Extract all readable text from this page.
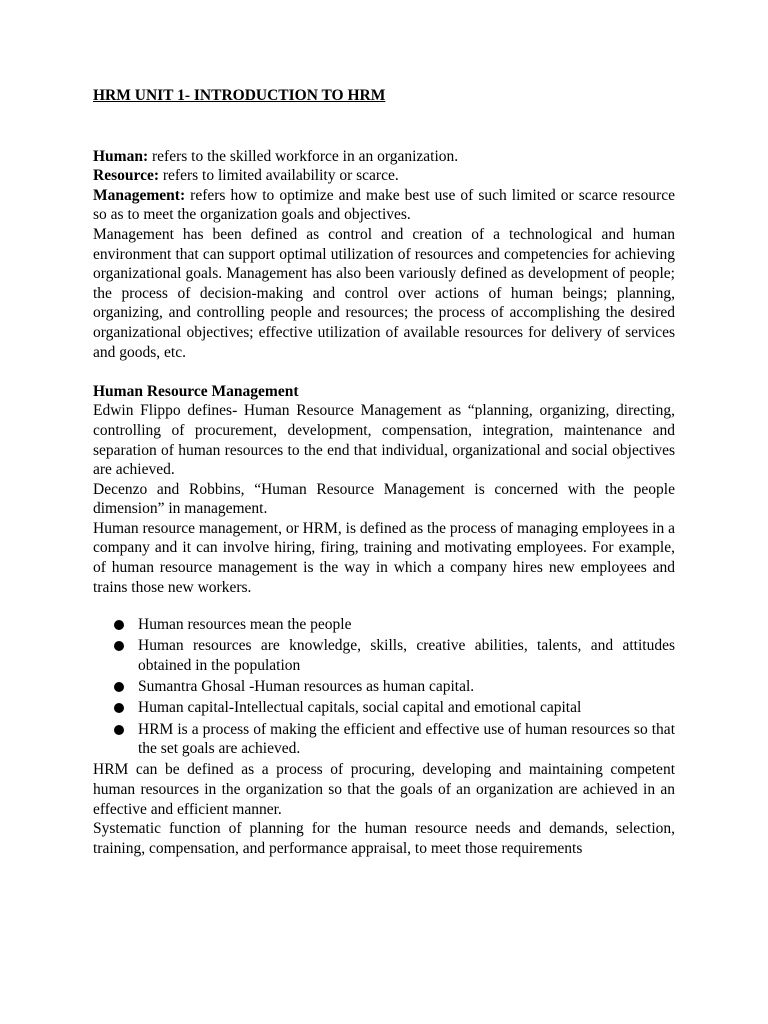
HRM UNIT 1- INTRODUCTION TO HRM

Human: refers to the skilled workforce in an organization.

Resource: refers to limited availability or scarce.

Management: refers how to optimize and make best use of such limited or scarce resource so as to meet the organization goals and objectives.

Management has been defined as control and creation of a technological and human environment that can support optimal utilization of resources and competencies for achieving organizational goals. Management has also been variously defined as development of people; the process of decision-making and control over actions of human beings; planning, organizing, and controlling people and resources; the process of accomplishing the desired organizational objectives; effective utilization of available resources for delivery of services and goods, etc.

Human Resource Management

Edwin Flippo defines- Human Resource Management as “planning, organizing, directing, controlling of procurement, development, compensation, integration, maintenance and separation of human resources to the end that individual, organizational and social objectives are achieved.

Decenzo and Robbins, “Human Resource Management is concerned with the people dimension” in management.

Human resource management, or HRM, is defined as the process of managing employees in a company and it can involve hiring, firing, training and motivating employees. For example, of human resource management is the way in which a company hires new employees and trains those new workers.

Human resources mean the people
Human resources are knowledge, skills, creative abilities, talents, and attitudes obtained in the population
Sumantra Ghosal -Human resources as human capital.
Human capital-Intellectual capitals, social capital and emotional capital
HRM is a process of making the efficient and effective use of human resources so that the set goals are achieved.

HRM can be defined as a process of procuring, developing and maintaining competent human resources in the organization so that the goals of an organization are achieved in an effective and efficient manner.

Systematic function of planning for the human resource needs and demands, selection, training, compensation, and performance appraisal, to meet those requirements
